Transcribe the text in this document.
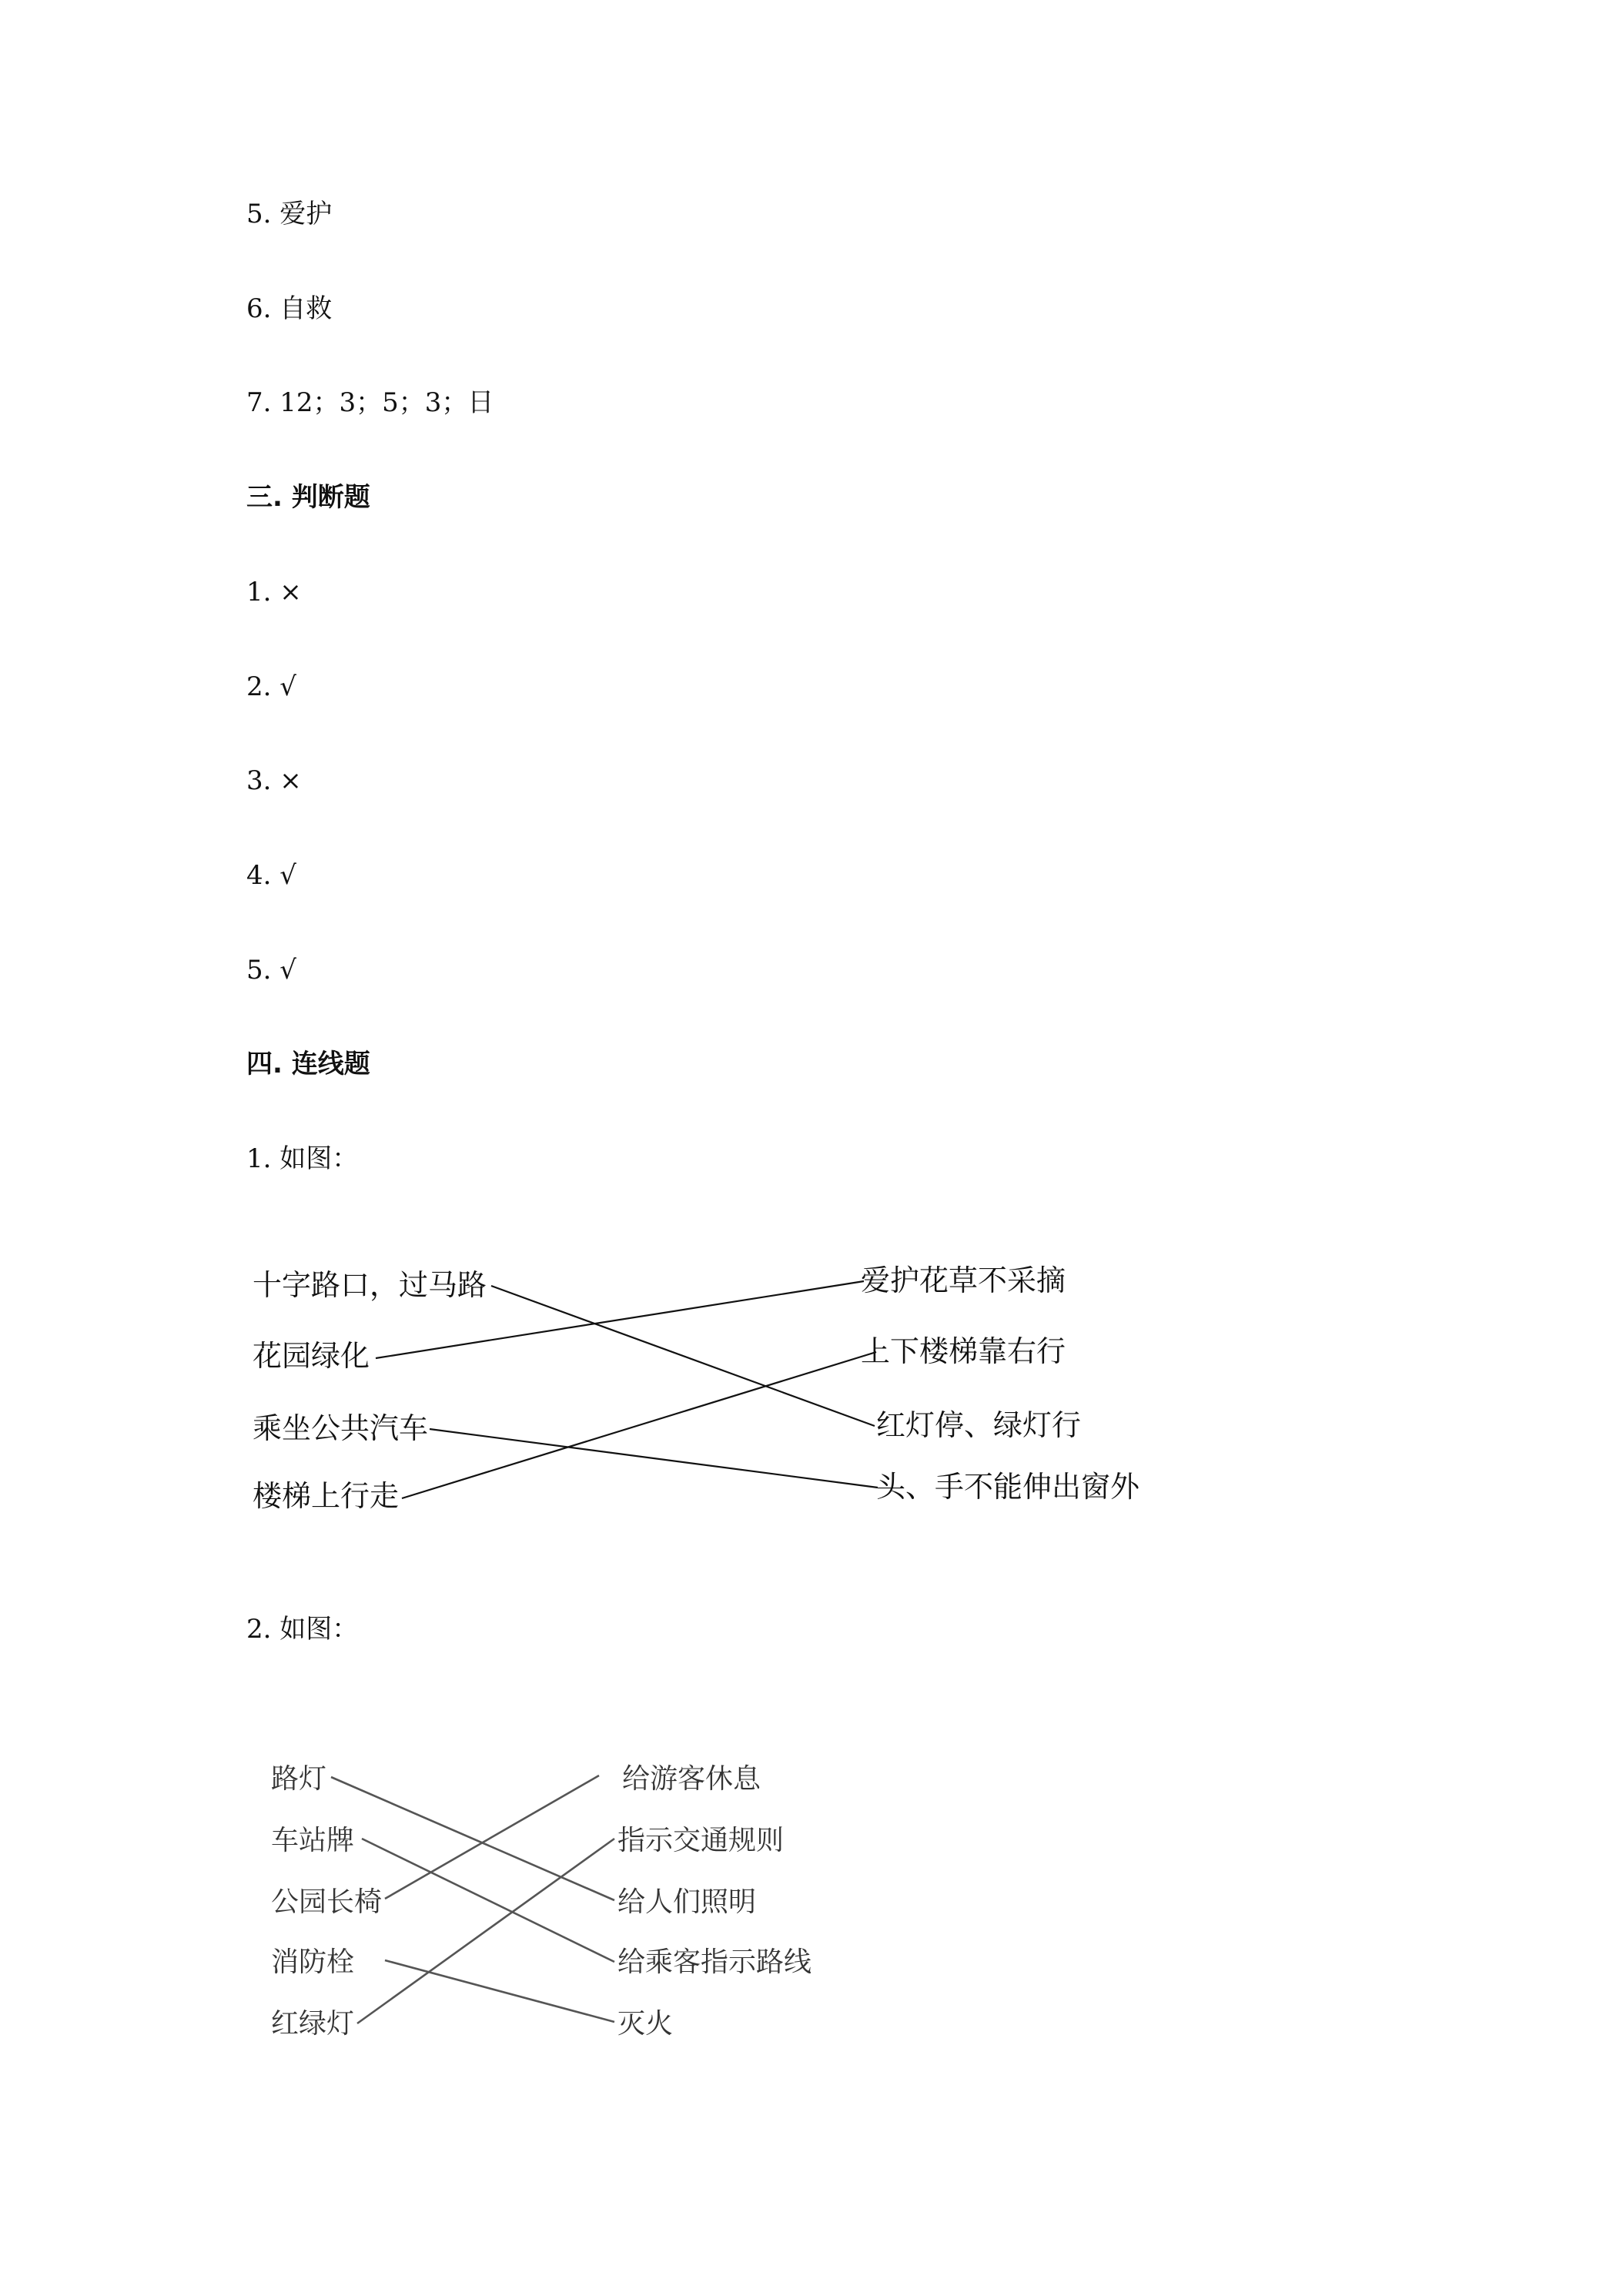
5. 爱护
6. 自救
7. 12；3；5；3；日
三. 判断题
1. ×
2. √
3. ×
4. √
5. √
四. 连线题
1. 如图：
十字路口，过马路
花园绿化
乘坐公共汽车
楼梯上行走
爱护花草不采摘
上下楼梯靠右行
红灯停、绿灯行
头、手不能伸出窗外
2. 如图：
路灯
车站牌
公园长椅
消防栓
红绿灯
给游客休息
指示交通规则
给人们照明
给乘客指示路线
灭火
